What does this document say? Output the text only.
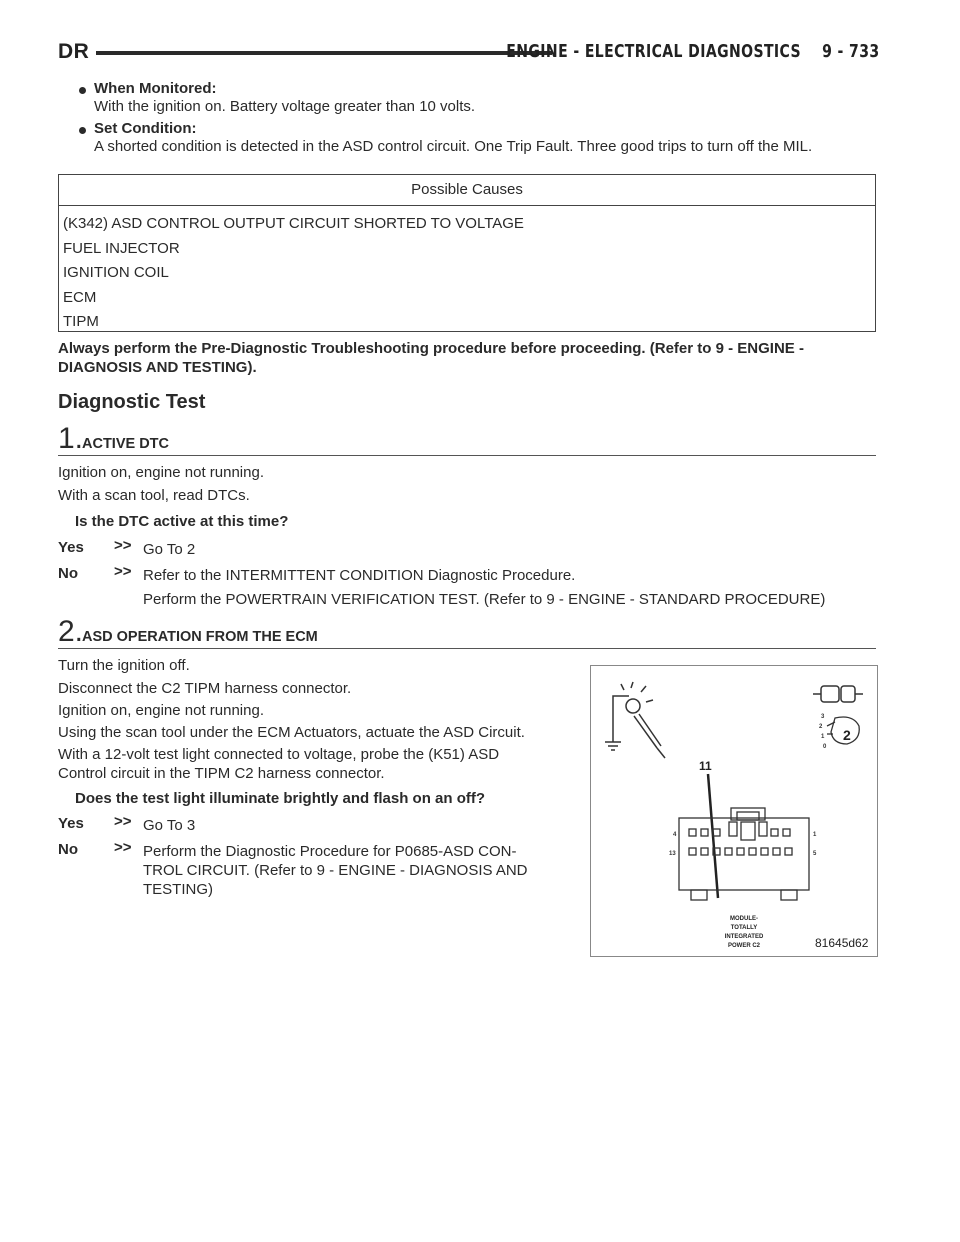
DR	ENGINE - ELECTRICAL DIAGNOSTICS    9 - 733
When Monitored:
With the ignition on. Battery voltage greater than 10 volts.
Set Condition:
A shorted condition is detected in the ASD control circuit. One Trip Fault. Three good trips to turn off the MIL.
Possible Causes
(K342) ASD CONTROL OUTPUT CIRCUIT SHORTED TO VOLTAGE
FUEL INJECTOR
IGNITION COIL
ECM
TIPM
Always perform the Pre-Diagnostic Troubleshooting procedure before proceeding. (Refer to 9 - ENGINE -
DIAGNOSIS AND TESTING).
Diagnostic Test
1.
ACTIVE DTC
Ignition on, engine not running.
With a scan tool, read DTCs.
Is the DTC active at this time?
Yes >> Go To 2
No >> Refer to the INTERMITTENT CONDITION Diagnostic Procedure.
Perform the POWERTRAIN VERIFICATION TEST. (Refer to 9 - ENGINE - STANDARD PROCEDURE)
2.
ASD OPERATION FROM THE ECM
Turn the ignition off.
Disconnect the C2 TIPM harness connector.
Ignition on, engine not running.
Using the scan tool under the ECM Actuators, actuate the ASD Circuit.
With a 12-volt test light connected to voltage, probe the (K51) ASD
Control circuit in the TIPM C2 harness connector.
Does the test light illuminate brightly and flash on an off?
Yes >> Go To 3
No >> Perform the Diagnostic Procedure for P0685-ASD CON-
TROL CIRCUIT. (Refer to 9 - ENGINE - DIAGNOSIS AND
TESTING)
3
2
1
0
2
11
4	1
13	5
MODULE-
TOTALLY
INTEGRATED
POWER C2	81645d62
